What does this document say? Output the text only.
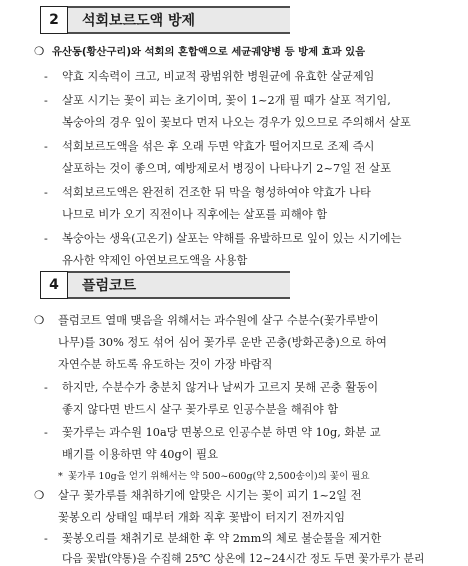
2	석회보르도액 방제
❍ 유산동(황산구리)와 석회의 혼합액으로 세균궤양병 등 방제 효과 있음
- 약효 지속력이 크고, 비교적 광범위한 병원균에 유효한 살균제임
- 살포 시기는 꽃이 피는 초기이며, 꽃이 1~2개 필 때가 살포 적기임,
복숭아의 경우 잎이 꽃보다 먼저 나오는 경우가 있으므로 주의해서 살포
- 석회보르도액을 섞은 후 오래 두면 약효가 떨어지므로 조제 즉시
살포하는 것이 좋으며, 예방제로서 병징이 나타나기 2~7일 전 살포
- 석회보르도액은 완전히 건조한 뒤 막을 형성하여야 약효가 나타
나므로 비가 오기 직전이나 직후에는 살포를 피해야 함
- 복숭아는 생육(고온기) 살포는 약해를 유발하므로 잎이 있는 시기에는
유사한 약제인 아연보르도액을 사용함
4	플럼코트
❍ 플럼코트 열매 맺음을 위해서는 과수원에 살구 수분수(꽃가루받이
나무)를 30% 정도 섞어 심어 꽃가루 운반 곤충(방화곤충)으로 하여
자연수분 하도록 유도하는 것이 가장 바람직
- 하지만, 수분수가 충분치 않거나 날씨가 고르지 못해 곤충 활동이
좋지 않다면 반드시 살구 꽃가루로 인공수분을 해줘야 함
- 꽃가루는 과수원 10a당 면봉으로 인공수분 하면 약 10g, 화분 교
배기를 이용하면 약 40g이 필요
* 꽃가루 10g을 얻기 위해서는 약 500~600g(약 2,500송이)의 꽃이 필요
❍ 살구 꽃가루를 채취하기에 알맞은 시기는 꽃이 피기 1~2일 전
꽃봉오리 상태일 때부터 개화 직후 꽃밥이 터지기 전까지임
- 꽃봉오리를 채취기로 분쇄한 후 약 2mm의 체로 불순물을 제거한
다음 꽃밥(약통)을 수집해 25℃ 상온에 12~24시간 정도 두면 꽃가루가 분리
